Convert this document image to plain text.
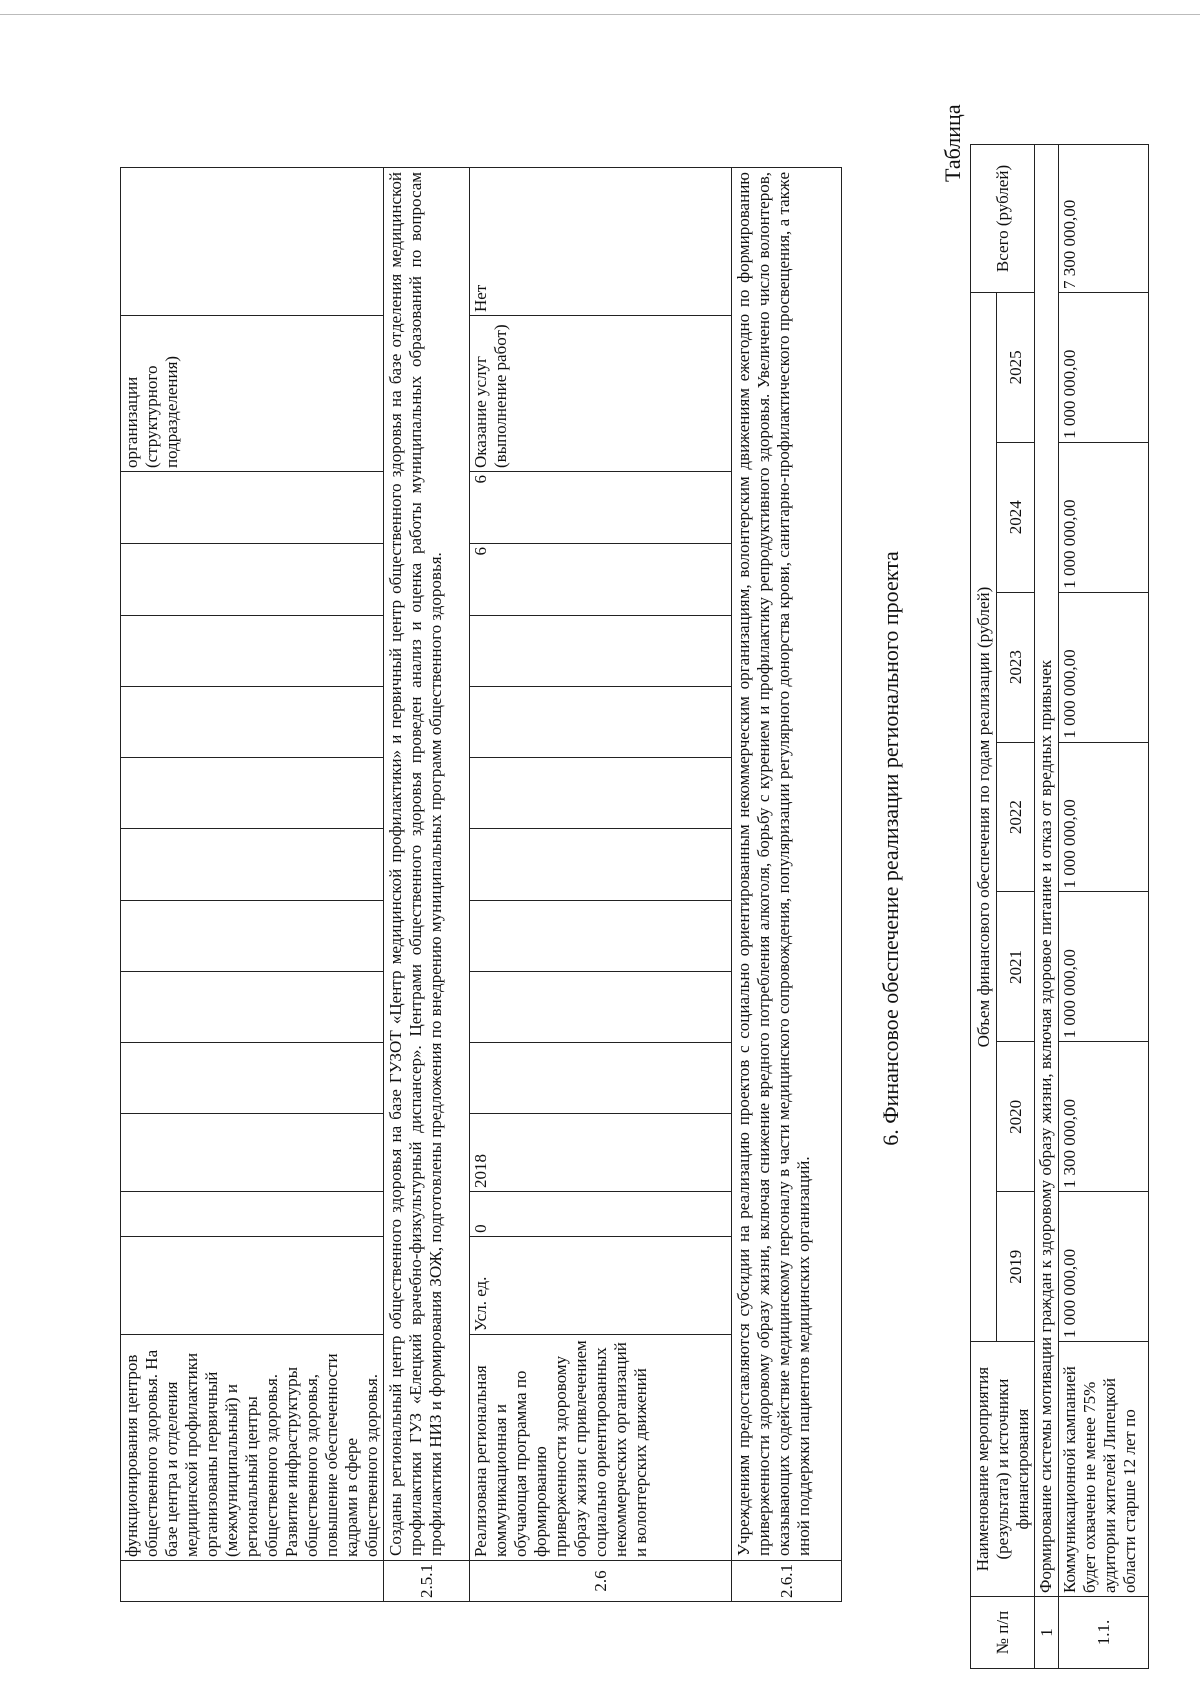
	функционирования центров общественного здоровья. На базе центра и отделения медицинской профилактики организованы первичный (межмуниципальный) и региональный центры общественного здоровья. Развитие инфраструктуры общественного здоровья, повышение обеспеченности кадрами в сфере общественного здоровья.													организации (структурного подразделения)	
2.5.1	Созданы региональный центр общественного здоровья на базе ГУЗОТ «Центр медицинской профилактики» и первичный центр общественного здоровья на базе отделения медицинской профилактики ГУЗ «Елецкий врачебно-физкультурный диспансер». Центрами общественного здоровья проведен анализ и оценка работы муниципальных образований по вопросам профилактики НИЗ и формирования ЗОЖ, подготовлены предложения по внедрению муниципальных программ общественного здоровья.														
2.6	Реализована региональная коммуникационная и обучающая программа по формированию приверженности здоровому образу жизни с привлечением социально ориентированных некоммерческих организаций и волонтерских движений	Усл. ед.	0	2018								6	6	Оказание услуг (выполнение работ)	Нет
2.6.1	Учреждениям предоставляются субсидии на реализацию проектов с социально ориентированным некоммерческим организациям, волонтерским движениям ежегодно по формированию приверженности здоровому образу жизни, включая снижение вредного потребления алкоголя, борьбу с курением и профилактику репродуктивного здоровья. Увеличено число волонтеров, оказывающих содействие медицинскому персоналу в части медицинского сопровождения, популяризации регулярного донорства крови, санитарно-профилактического просвещения, а также иной поддержки пациентов медицинских организаций.														
6. Финансовое обеспечение реализации регионального проекта
Таблица
№ п/п	Наименование мероприятия (результата) и источники финансирования	Объем финансового обеспечения по годам реализации (рублей)							Всего (рублей)
		2019	2020	2021	2022	2023	2024	2025	
1	Формирование системы мотивации граждан к здоровому образу жизни, включая здоровое питание и отказ от вредных привычек								
1.1.	Коммуникационной кампанией будет охвачено не менее 75% аудитории жителей Липецкой области старше 12 лет по	1 000 000,00	1 300 000,00	1 000 000,00	1 000 000,00	1 000 000,00	1 000 000,00	1 000 000,00	7 300 000,00
